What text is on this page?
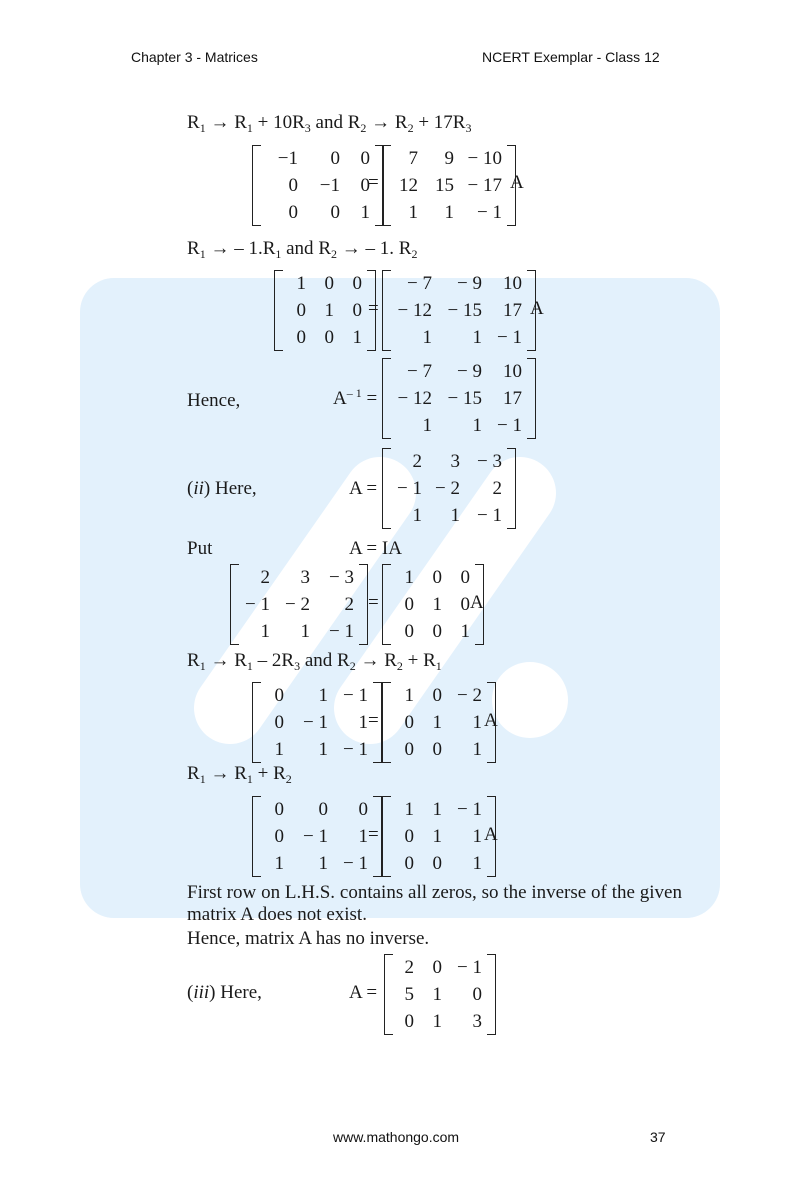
Chapter 3 - Matrices	NCERT Exemplar - Class 12
$R_1 \to R_1 + 10R_3$ and $R_2 \to R_2 + 17R_3$
−1	0	0
0	−1	0
0	0	1
=
7	9 − 10
12 15 − 17
1	1	− 1
A
$R_1$ → – $1.R_1$ and $R_2$ → – 1. $R_2$
1 0 0
0 1 0
0 0 1
=
− 7	− 9	10
− 12 − 15	17
1	1 − 1
A
Hence,	$A^{- 1}$ =
− 7	− 9	10
− 12 − 15	17
1	1 − 1
(ii) Here,	A =
2	3 − 3
− 1 − 2	2
1	1 − 1
Put	A = IA
2	3	− 3
− 1 − 2	2
1	1	− 1
=
1 0 0
0 1 0
0 0 1
A
$R_1 \to R_1 - 2R_3$ and $R_2 \to R_2 + R_1$
0	1 − 1
0	− 1	1
1	1 − 1
=
1 0 − 2
0 1	1
0 0	1
A
$R_1 \to R_1 + R_2$
0	0	0
0	− 1	1
1	1 − 1
=
1 1 − 1
0 1	1
0 0	1
A
First row on L.H.S. contains all zeros, so the inverse of the given matrix A does not exist.
Hence, matrix A has no inverse.
(iii) Here,	A =
2 0 − 1
5 1	0
0 1	3
www.mathongo.com	37
